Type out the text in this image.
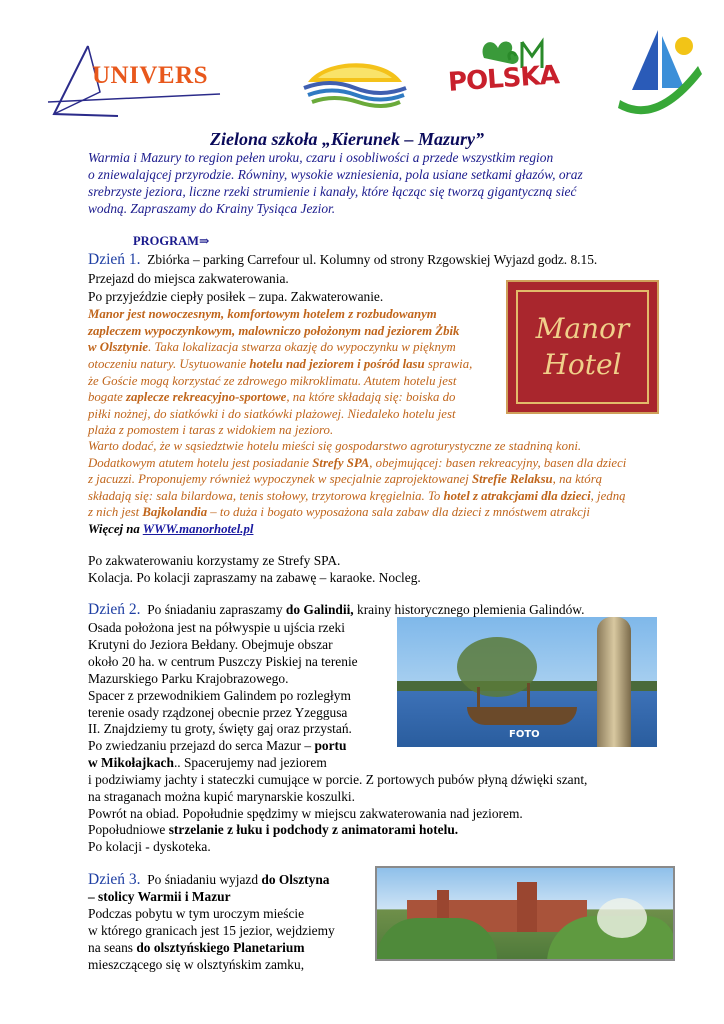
UNIVERS	POLSKA
Zielona szkoła „Kierunek – Mazury”
Warmia i Mazury to region pełen uroku, czaru i osobliwości a przede wszystkim region
o zniewalającej przyrodzie. Równiny, wysokie wzniesienia, pola usiane setkami głazów, oraz
srebrzyste jeziora, liczne rzeki strumienie i kanały, które łącząc się tworzą gigantyczną sieć
wodną. Zapraszamy do Krainy Tysiąca Jezior.
PROGRAM⇒
Dzień 1. Zbiórka – parking Carrefour ul. Kolumny od strony Rzgowskiej Wyjazd godz. 8.15.
Przejazd do miejsca zakwaterowania.
Po przyjeździe ciepły posiłek – zupa. Zakwaterowanie.
Manor
Hotel
Manor jest nowoczesnym, komfortowym hotelem z rozbudowanym
zapleczem wypoczynkowym, malowniczo położonym nad jeziorem Żbik
w Olsztynie. Taka lokalizacja stwarza okazję do wypoczynku w pięknym
otoczeniu natury. Usytuowanie hotelu nad jeziorem i pośród lasu sprawia,
że Goście mogą korzystać ze zdrowego mikroklimatu. Atutem hotelu jest
bogate zaplecze rekreacyjno-sportowe, na które składają się: boiska do
piłki nożnej, do siatkówki i do siatkówki plażowej. Niedaleko hotelu jest
plaża z pomostem i taras z widokiem na jezioro.
Warto dodać, że w sąsiedztwie hotelu mieści się gospodarstwo agroturystyczne ze stadniną koni.
Dodatkowym atutem hotelu jest posiadanie Strefy SPA, obejmującej: basen rekreacyjny, basen dla dzieci
z jacuzzi. Proponujemy również wypoczynek w specjalnie zaprojektowanej Strefie Relaksu, na którą
składają się: sala bilardowa, tenis stołowy, trzytorowa kręgielnia. To hotel z atrakcjami dla dzieci, jedną
z nich jest Bajkolandia – to duża i bogato wyposażona sala zabaw dla dzieci z mnóstwem atrakcji
Więcej na WWW.manorhotel.pl
Po zakwaterowaniu korzystamy ze Strefy SPA.
Kolacja. Po kolacji zapraszamy na zabawę – karaoke. Nocleg.
Dzień 2. Po śniadaniu zapraszamy do Galindii, krainy historycznego plemienia Galindów.
FOTO
Osada położona jest na półwyspie u ujścia rzeki
Krutyni do Jeziora Bełdany. Obejmuje obszar
około 20 ha. w centrum Puszczy Piskiej na terenie
Mazurskiego Parku Krajobrazowego.
Spacer z przewodnikiem Galindem po rozległym
terenie osady rządzonej obecnie przez Yzeggusa
II. Znajdziemy tu groty, święty gaj oraz przystań.
Po zwiedzaniu przejazd do serca Mazur – portu
w Mikołajkach.. Spacerujemy nad jeziorem
i podziwiamy jachty i stateczki cumujące w porcie. Z portowych pubów płyną dźwięki szant,
na straganach można kupić marynarskie koszulki.
Powrót na obiad. Popołudnie spędzimy w miejscu zakwaterowania nad jeziorem.
Popołudniowe strzelanie z łuku i podchody z animatorami hotelu.
Po kolacji - dyskoteka.
Dzień 3. Po śniadaniu wyjazd do Olsztyna
– stolicy Warmii i Mazur
Podczas pobytu w tym uroczym mieście
w którego granicach jest 15 jezior, wejdziemy
na seans do olsztyńskiego Planetarium
mieszczącego się w olsztyńskim zamku,
